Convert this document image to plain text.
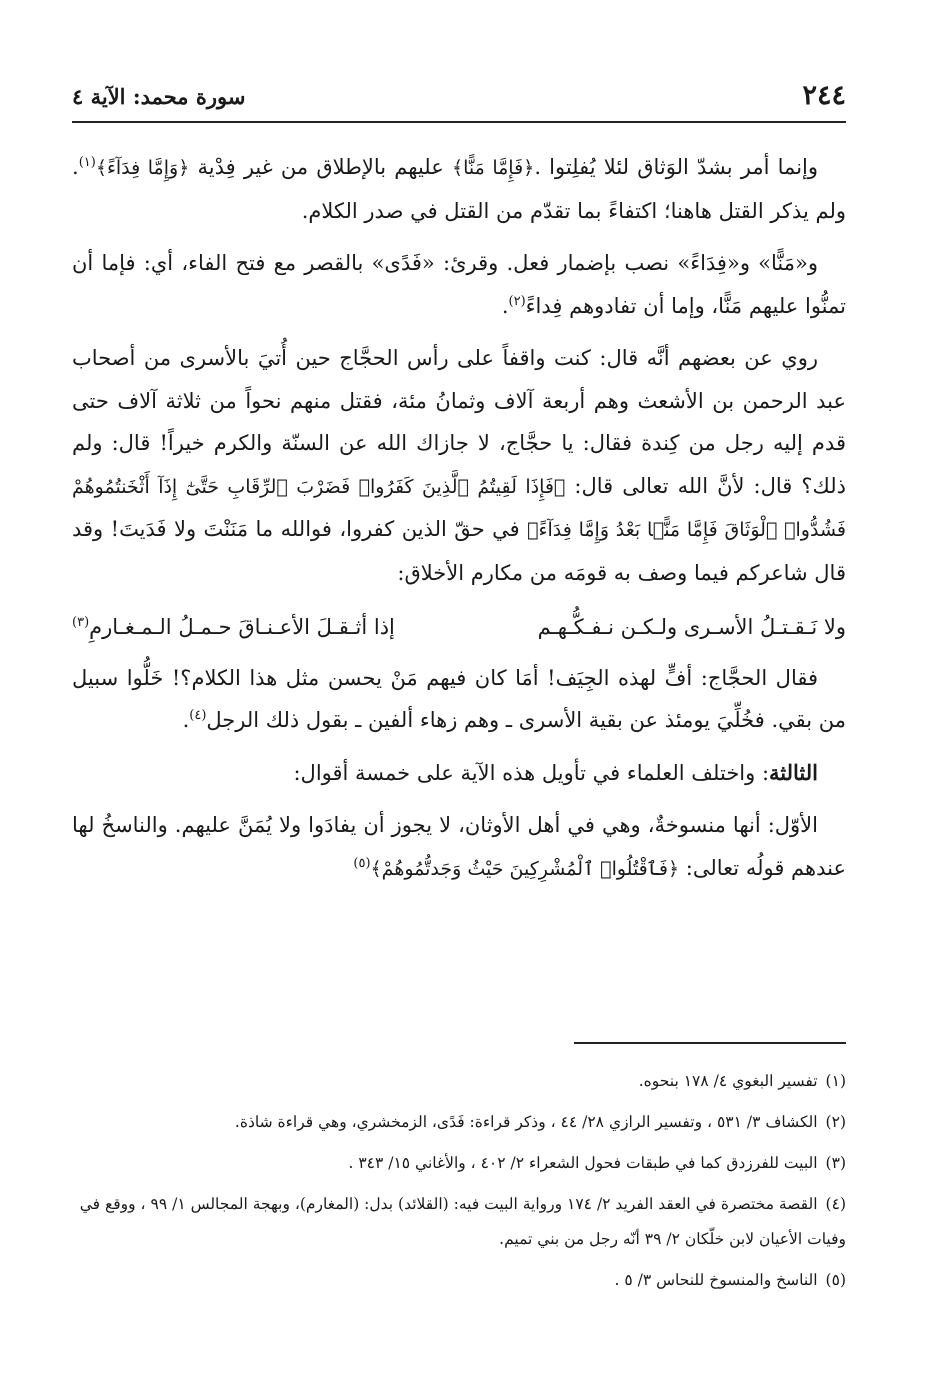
٢٤٤
سورة محمد: الآية ٤

وإنما أمر بشدّ الوَثاق لئلا يُفلِتوا .﴿فَإِمَّا مَنًّا﴾ عليهم بالإطلاق من غير فِدْية ﴿وَإِمَّا فِدَآءً﴾$^{(١)}$. ولم يذكر القتل هاهنا؛ اكتفاءً بما تقدّم من القتل في صدر الكلام.

و«مَنًّا» و«فِدَاءً» نصب بإضمار فعل. وقرئ: «فَدًى» بالقصر مع فتح الفاء، أي: فإما أن تمنُّوا عليهم مَنًّا، وإما أن تفادوهم فِداءً$^{(٢)}$.

روي عن بعضهم أنَّه قال: كنت واقفاً على رأس الحجَّاج حين أُتيَ بالأسرى من أصحاب عبد الرحمن بن الأشعث وهم أربعة آلاف وثمانُ مئة، فقتل منهم نحواً من ثلاثة آلاف حتى قدم إليه رجل من كِندة فقال: يا حجَّاج، لا جازاك الله عن السنّة والكرم خيراً! قال: ولم ذلك؟ قال: لأنَّ الله تعالى قال: ﴿فَإِذَا لَقِيتُمُ ٱلَّذِينَ كَفَرُوا۟ فَضَرْبَ ٱلرِّقَابِ حَتَّىٰٓ إِذَآ أَثْخَنتُمُوهُمْ فَشُدُّوا۟ ٱلْوَثَاقَ فَإِمَّا مَنًّۢا بَعْدُ وَإِمَّا فِدَآءً﴾ في حقّ الذين كفروا، فوالله ما مَنَنْتَ ولا فَدَيتَ! وقد قال شاعركم فيما وصف به قومَه من مكارم الأخلاق:

ولا نَـقـتـلُ الأسـرى ولـكـن نـفـكُّـهـم
إذا أثـقـلَ الأعـنـاقَ حـمـلُ الـمـغـارمِ$^{(٣)}$

فقال الحجَّاج: أفٍّ لهذه الجِيَف! أمَا كان فيهم مَنْ يحسن مثل هذا الكلام؟! خَلُّوا سبيل من بقي. فخُلِّيَ يومئذ عن بقية الأسرى ـ وهم زهاء ألفين ـ بقول ذلك الرجل$^{(٤)}$.

الثالثة: واختلف العلماء في تأويل هذه الآية على خمسة أقوال:

الأوّل: أنها منسوخةٌ، وهي في أهل الأوثان، لا يجوز أن يفادَوا ولا يُمَنَّ عليهم. والناسخُ لها عندهم قولُه تعالى: ﴿فَٱقْتُلُوا۟ ٱلْمُشْرِكِينَ حَيْثُ وَجَدتُّمُوهُمْ﴾$^{(٥)}$

(١)تفسير البغوي ٤/ ١٧٨ بنحوه.
(٢)الكشاف ٣/ ٥٣١ ، وتفسير الرازي ٢٨/ ٤٤ ، وذكر قراءة: فَدًى، الزمخشري، وهي قراءة شاذة.
(٣)البيت للفرزدق كما في طبقات فحول الشعراء ٢/ ٤٠٢ ، والأغاني ١٥/ ٣٤٣ .
(٤)القصة مختصرة في العقد الفريد ٢/ ١٧٤ ورواية البيت فيه: (القلائد) بدل: (المغارم)، وبهجة المجالس ١/ ٩٩ ، ووقع في وفيات الأعيان لابن خلّكان ٢/ ٣٩ أنّه رجل من بني تميم.
(٥)الناسخ والمنسوخ للنحاس ٣/ ٥ .
